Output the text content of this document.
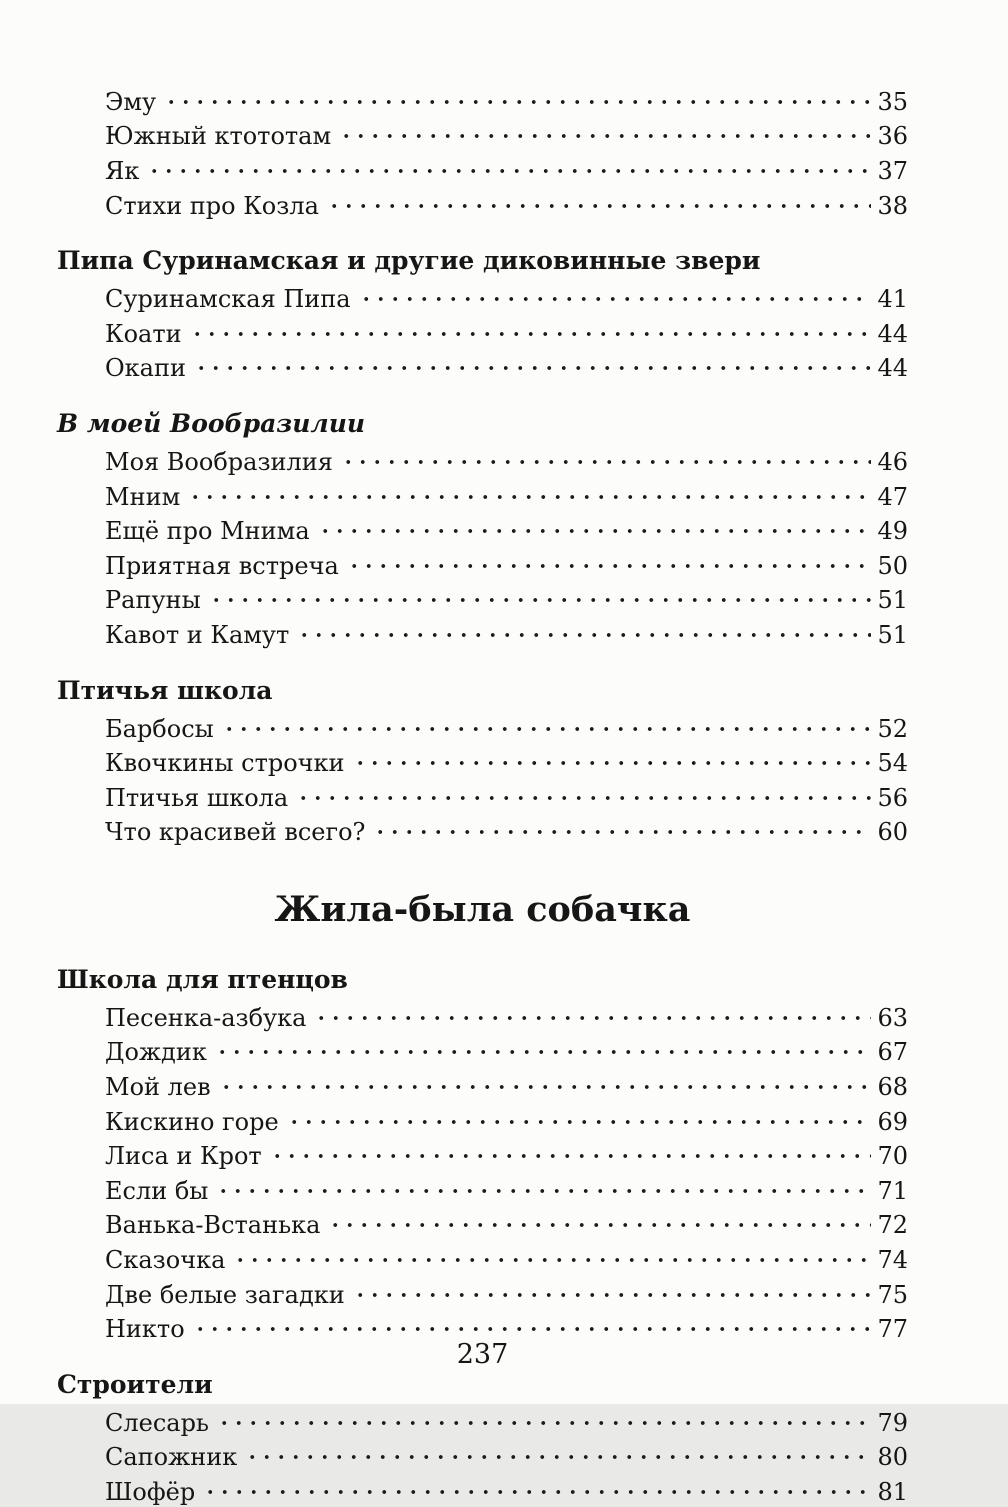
Эму	35
Южный ктототам	36
Як	37
Стихи про Козла	38
Пипа Суринамская и другие диковинные звери
Суринамская Пипа	41
Коати	44
Окапи	44
В моей Вообразилии
Моя Вообразилия	46
Мним	47
Ещё про Мнима	49
Приятная встреча	50
Рапуны	51
Кавот и Камут	51
Птичья школа
Барбосы	52
Квочкины строчки	54
Птичья школа	56
Что красивей всего?	60
Жила-была собачка
Школа для птенцов
Песенка-азбука	63
Дождик	67
Мой лев	68
Кискино горе	69
Лиса и Крот	70
Если бы	71
Ванька-Встанька	72
Сказочка	74
Две белые загадки	75
Никто	77
Строители
Слесарь	79
Сапожник	80
Шофёр	81
237
